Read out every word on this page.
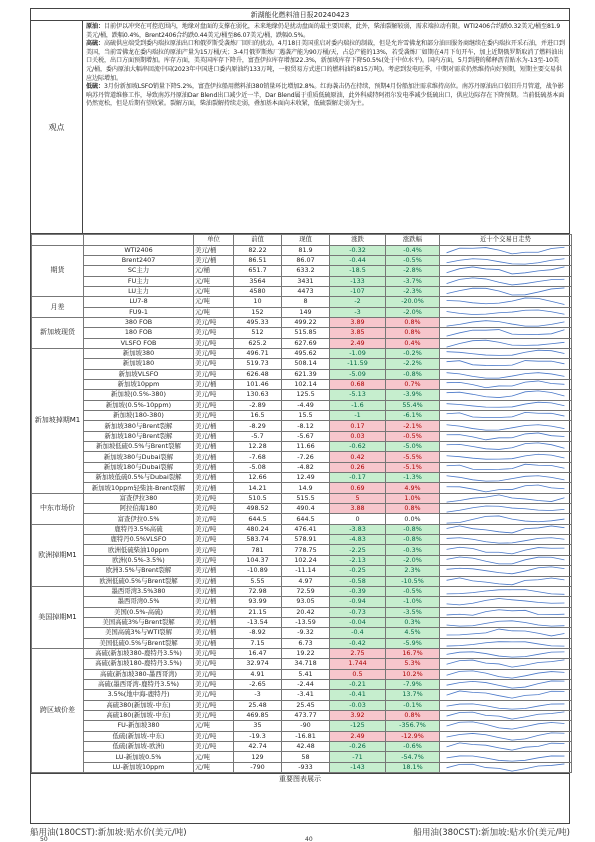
新湖能化燃料油日报20240423
观点

原油：目前伊以冲突在可控范围内，地缘对盘面的支撑在弱化，未来地缘仍是扰动盘面的最主要因素，此外，柴油裂解较弱，需求端拉动有限。WTI2406合约跌0.32美元/桶至81.9美元/桶，跌幅0.4%，Brent2406合约跌0.44美元/桶至86.07美元/桶，跌幅0.5%。

高硫：高硫供应端受到委内瑞拉原油出口和俄罗斯受袭炼厂回归的扰动。4月18日美国重启对委内瑞拉的制裁，但是允许雪佛龙和部分油田服务商继续在委内瑞拉开采石油，并进口到美国，当前雪佛龙在委内瑞拉的原油产量为15万桶/天；3-4月俄罗斯炼厂遇袭产能为90万桶/天，占总产能的13%，若受袭炼厂如期在4月下旬开车，加上近期俄罗斯取消了燃料油出口关税，出口方面预期增加。库存方面，美英国库存下降升，富查伊拉库存增加22.3%，新加坡库存下降50.5%(处于中位水平)。国内方面，5月到港的稀释沥青贴水为-13至-10美元/桶，委内原油大幅串回流中国(2023年中国进口委内原油约133万吨，一般贸易方式进口的燃料油约815万吨)。考虑到发电旺季，中期对需求仍然维持向好预期，短期主要交易供应边际增加。

低硫：3月份新加坡LSFO销量下降5.2%，富查伊拉船用燃料油380销量环比增加2.8%。红海袭击仍在持续，预期4月份船加注需求维持高位。南苏丹原油出口依旧升月管道，战争影响苏丹管道维修工作，导致南苏丹原油Dar Blend出口减少近一半，Dar Blend属于重质低硫原油，此外科威特阿祖尔发电季减少低硫出口，供应边际存在下降预期。当前低硫基本面仍然宽松，但是后期有望收紧。裂解方面，柴油裂解持续走弱，叠加基本面向未收紧，低硫裂解走弱为主。

		单位	前值	现值	涨跌	涨跌幅	近十个交易日走势
期货	WTI2406	美元/桶	82.22	81.9	-0.32	-0.4%	

	Brent2407	美元/桶	86.51	86.07	-0.44	-0.5%	

	SC主力	元/桶	651.7	633.2	-18.5	-2.8%	

	FU主力	元/吨	3564	3431	-133	-3.7%	

	LU主力	元/吨	4580	4473	-107	-2.3%	

月差	LU7-8	元/吨	10	8	-2	-20.0%	

	FU9-1	元/吨	152	149	-3	-2.0%	

新加坡现货	380 FOB	美元/吨	495.33	499.22	3.89	0.8%	

	180 FOB	美元/吨	512	515.85	3.85	0.8%	

	VLSFO FOB	美元/吨	625.2	627.69	2.49	0.4%	

新加坡掉期M1	新加坡380	美元/吨	496.71	495.62	-1.09	-0.2%	

	新加坡180	美元/吨	519.73	508.14	-11.59	-2.2%	

	新加坡VLSFO	美元/吨	626.48	621.39	-5.09	-0.8%	

	新加坡10ppm	美元/桶	101.46	102.14	0.68	0.7%	

	新加坡(0.5%-380)	美元/吨	130.63	125.5	-5.13	-3.9%	

	新加坡(0.5%-10ppm)	美元/吨	-2.89	-4.49	-1.6	55.4%	

	新加坡(180-380)	美元/吨	16.5	15.5	-1	-6.1%	

	新加坡380与Brent裂解	美元/桶	-8.29	-8.12	0.17	-2.1%	

	新加坡180与Brent裂解	美元/桶	-5.7	-5.67	0.03	-0.5%	

	新加坡低硫0.5%与Brent裂解	美元/桶	12.28	11.66	-0.62	-5.0%	

	新加坡380与Dubai裂解	美元/桶	-7.68	-7.26	0.42	-5.5%	

	新加坡180与Dubai裂解	美元/桶	-5.08	-4.82	0.26	-5.1%	

	新加坡低硫0.5%与Dubai裂解	美元/桶	12.66	12.49	-0.17	-1.3%	

	新加坡10ppm轻柴油-Brent裂解	美元/桶	14.21	14.9	0.69	4.9%	

中东市场价	富查伊拉380	美元/吨	510.5	515.5	5	1.0%	

	阿拉伯海180	美元/吨	498.52	490.4	3.88	0.8%	

	富查伊拉0.5%	美元/吨	644.5	644.5	0	0.0%	

欧洲掉期M1	鹿特丹3.5%高硫	美元/吨	480.24	476.41	-3.83	-0.8%	

	鹿特丹0.5%VLSFO	美元/吨	583.74	578.91	-4.83	-0.8%	

	欧洲低硫柴油10ppm	美元/吨	781	778.75	-2.25	-0.3%	

	欧洲(0.5%-3.5%)	美元/吨	104.37	102.24	-2.13	-2.0%	

	欧洲3.5%与Brent裂解	美元/桶	-10.89	-11.14	-0.25	2.3%	

	欧洲低硫0.5%与Brent裂解	美元/桶	5.55	4.97	-0.58	-10.5%	

美国掉期M1	墨西哥湾3.5%380	美元/桶	72.98	72.59	-0.39	-0.5%	

	墨西哥湾0.5%	美元/桶	93.99	93.05	-0.94	-1.0%	

	美国(0.5%-高硫)	美元/桶	21.15	20.42	-0.73	-3.5%	

	美国高硫3%与Brent裂解	美元/桶	-13.54	-13.59	-0.04	0.3%	

	美国高硫3%与WTI裂解	美元/桶	-8.92	-9.32	-0.4	4.5%	

	美国低硫0.5%与Brent裂解	美元/桶	7.15	6.73	-0.42	-5.9%	

跨区域价差	高硫(新加坡380-鹿特丹3.5%)	美元/吨	16.47	19.22	2.75	16.7%	

	高硫(新加坡180-鹿特丹3.5%)	美元/吨	32.974	34.718	1.744	5.3%	

	高硫(新加坡380-墨西哥湾)	美元/吨	4.91	5.41	0.5	10.2%	

	高硫(墨西哥湾-鹿特丹3.5%)	美元/吨	-2.65	-2.44	-0.21	-7.9%	

	3.5%(地中海-鹿特丹)	美元/吨	-3	-3.41	-0.41	13.7%	

	高硫380(新加坡-中东)	美元/吨	25.48	25.45	-0.03	-0.1%	

	高硫180(新加坡-中东)	美元/吨	469.85	473.77	3.92	0.8%	

	FU-新加坡380	元/吨	35	-90	-125	-356.7%	

	低硫(新加坡-中东)	美元/吨	-19.3	-16.81	2.49	-12.9%	

	低硫(新加坡-欧洲)	美元/吨	42.74	42.48	-0.26	-0.6%	

	LU-新加坡0.5%	元/吨	129	58	-71	-54.7%	

	LU-新加坡10ppm	元/吨	-790	-933	-143	18.1%	
重要图表展示
船用油(180CST):新加坡:贴水价(美元/吨)	船用油(380CST):新加坡:贴水价(美元/吨)
50	40
